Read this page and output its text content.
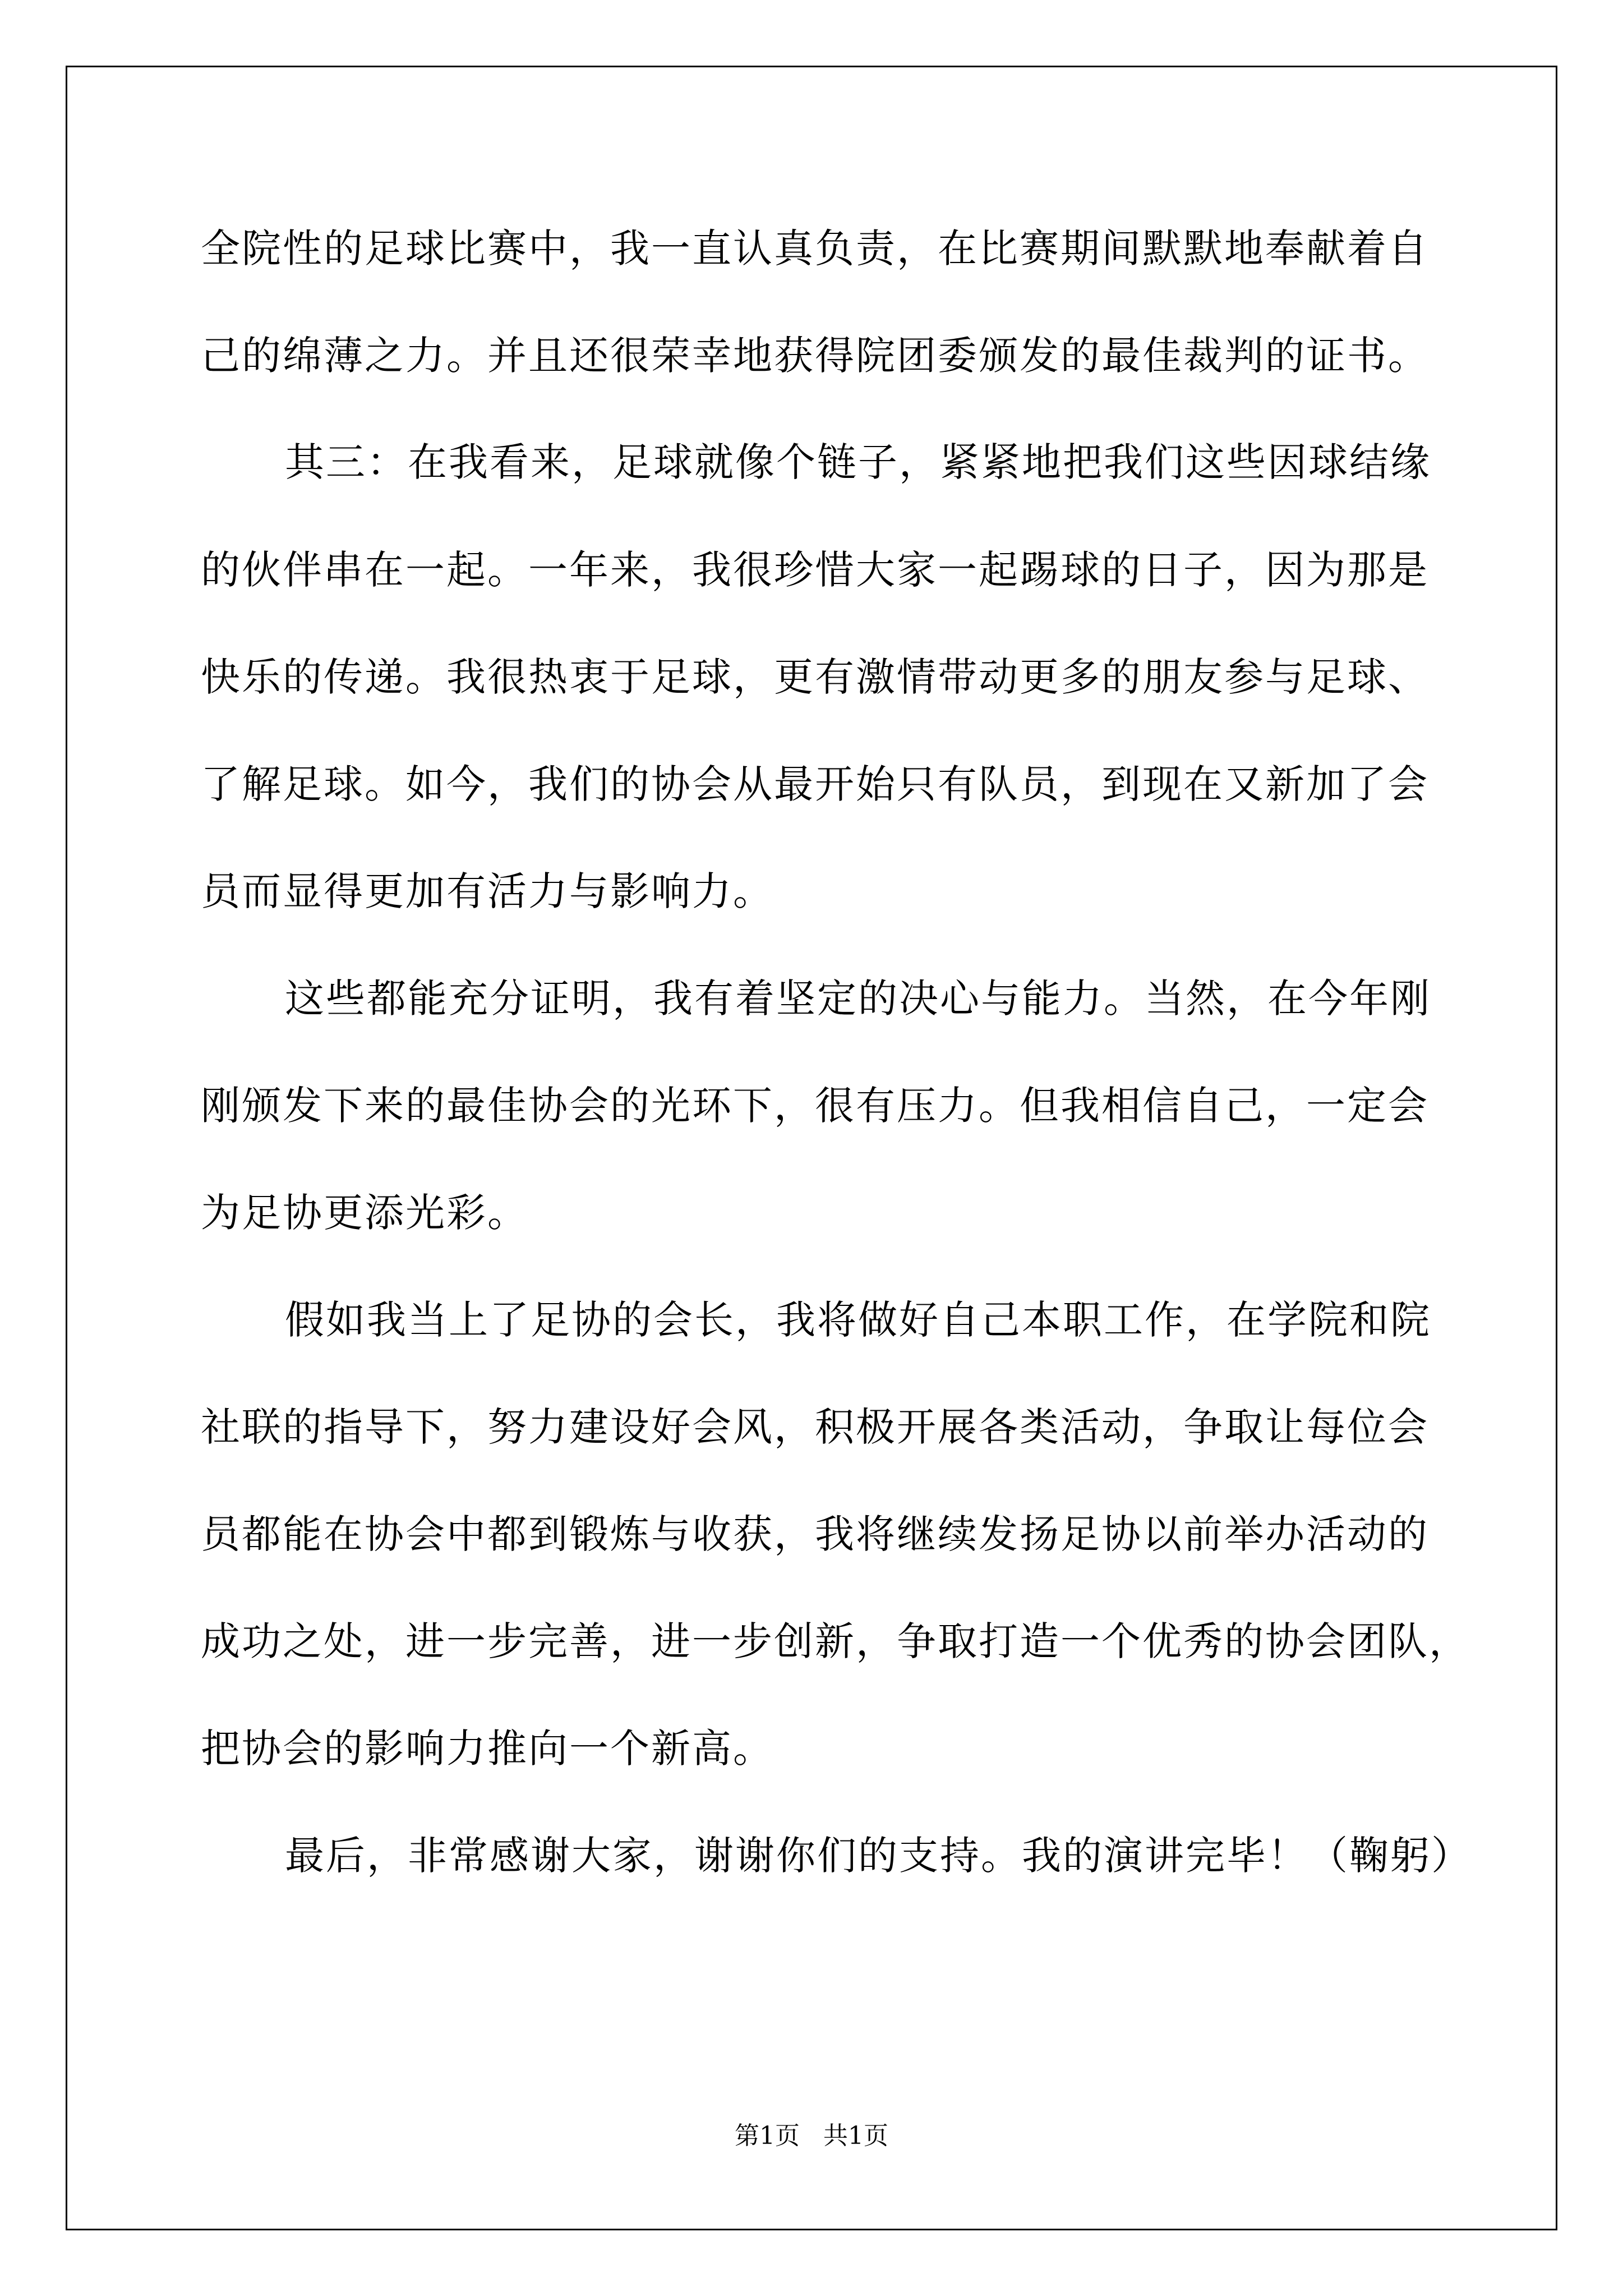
全院性的足球比赛中，我一直认真负责，在比赛期间默默地奉献着自
己的绵薄之力。并且还很荣幸地获得院团委颁发的最佳裁判的证书。
其三：在我看来，足球就像个链子，紧紧地把我们这些因球结缘
的伙伴串在一起。一年来，我很珍惜大家一起踢球的日子，因为那是
快乐的传递。我很热衷于足球，更有激情带动更多的朋友参与足球、
了解足球。如今，我们的协会从最开始只有队员，到现在又新加了会
员而显得更加有活力与影响力。
这些都能充分证明，我有着坚定的决心与能力。当然，在今年刚
刚颁发下来的最佳协会的光环下，很有压力。但我相信自己，一定会
为足协更添光彩。
假如我当上了足协的会长，我将做好自己本职工作，在学院和院
社联的指导下，努力建设好会风，积极开展各类活动，争取让每位会
员都能在协会中都到锻炼与收获，我将继续发扬足协以前举办活动的
成功之处，进一步完善，进一步创新，争取打造一个优秀的协会团队，
把协会的影响力推向一个新高。
最后，非常感谢大家，谢谢你们的支持。我的演讲完毕！（鞠躬）
第1页   共1页
